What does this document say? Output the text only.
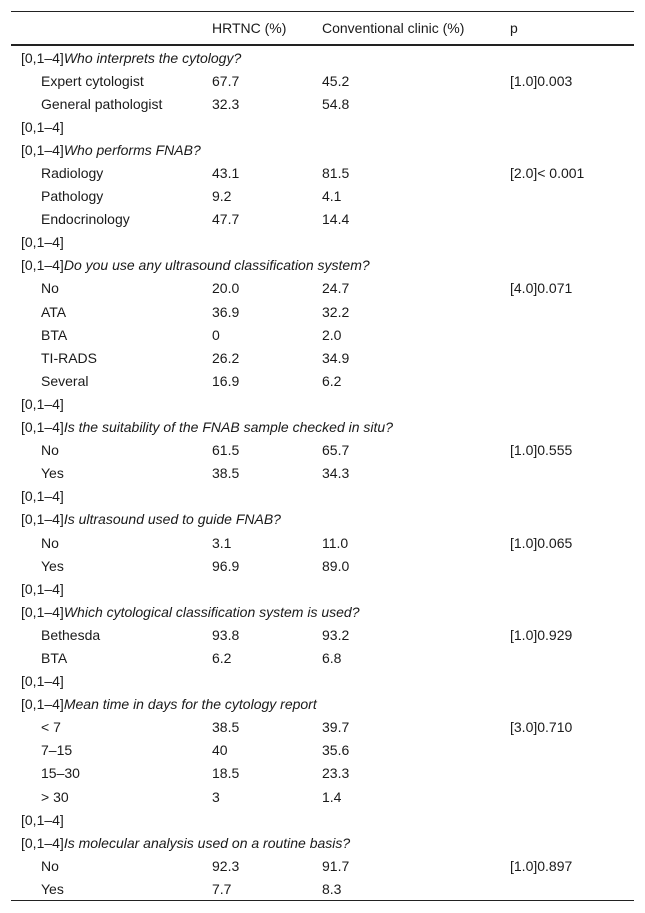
	HRTNC (%)	Conventional clinic (%)	p
[0,1–4]Who interprets the cytology?			
Expert cytologist	67.7	45.2	[1.0]0.003
General pathologist	32.3	54.8	
[0,1–4]			
[0,1–4]Who performs FNAB?			
Radiology	43.1	81.5	[2.0]< 0.001
Pathology	9.2	4.1	
Endocrinology	47.7	14.4	
[0,1–4]			
[0,1–4]Do you use any ultrasound classification system?			
No	20.0	24.7	[4.0]0.071
ATA	36.9	32.2	
BTA	0	2.0	
TI-RADS	26.2	34.9	
Several	16.9	6.2	
[0,1–4]			
[0,1–4]Is the suitability of the FNAB sample checked in situ?			
No	61.5	65.7	[1.0]0.555
Yes	38.5	34.3	
[0,1–4]			
[0,1–4]Is ultrasound used to guide FNAB?			
No	3.1	11.0	[1.0]0.065
Yes	96.9	89.0	
[0,1–4]			
[0,1–4]Which cytological classification system is used?			
Bethesda	93.8	93.2	[1.0]0.929
BTA	6.2	6.8	
[0,1–4]			
[0,1–4]Mean time in days for the cytology report			
< 7	38.5	39.7	[3.0]0.710
7–15	40	35.6	
15–30	18.5	23.3	
> 30	3	1.4	
[0,1–4]			
[0,1–4]Is molecular analysis used on a routine basis?			
No	92.3	91.7	[1.0]0.897
Yes	7.7	8.3	
